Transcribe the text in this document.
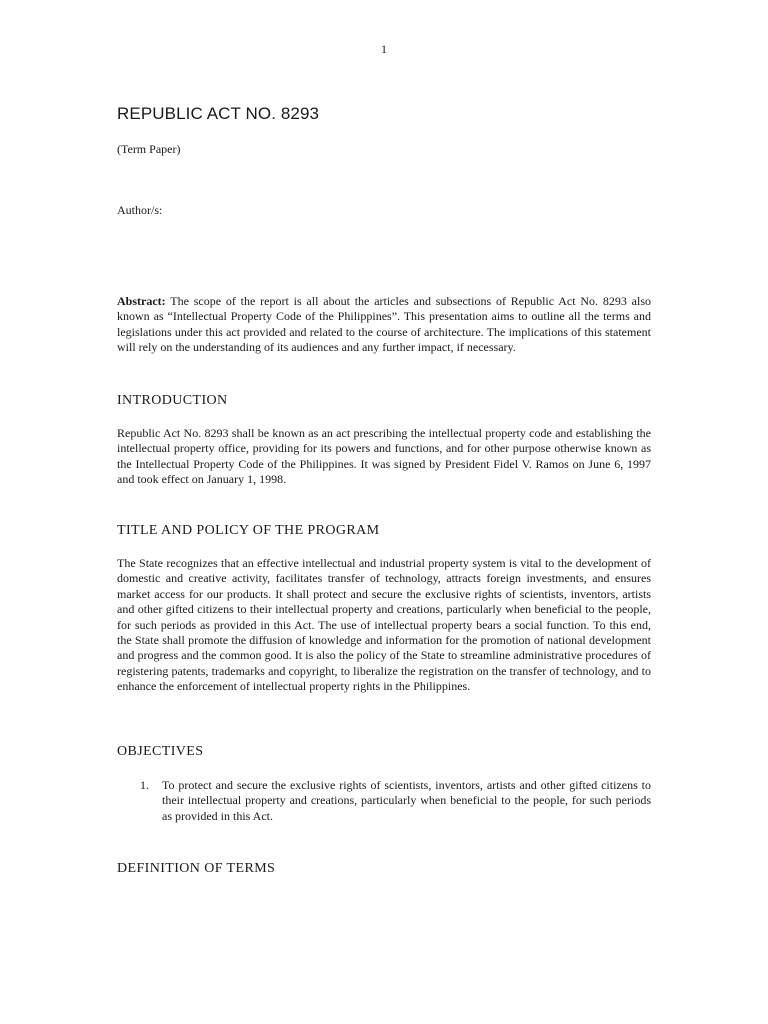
1
REPUBLIC ACT NO. 8293

(Term Paper)

Author/s:

Abstract: The scope of the report is all about the articles and subsections of Republic Act No. 8293 also known as “Intellectual Property Code of the Philippines”. This presentation aims to outline all the terms and legislations under this act provided and related to the course of architecture. The implications of this statement will rely on the understanding of its audiences and any further impact, if necessary.

INTRODUCTION

Republic Act No. 8293 shall be known as an act prescribing the intellectual property code and establishing the intellectual property office, providing for its powers and functions, and for other purpose otherwise known as the Intellectual Property Code of the Philippines. It was signed by President Fidel V. Ramos on June 6, 1997 and took effect on January 1, 1998.

TITLE AND POLICY OF THE PROGRAM

The State recognizes that an effective intellectual and industrial property system is vital to the development of domestic and creative activity, facilitates transfer of technology, attracts foreign investments, and ensures market access for our products. It shall protect and secure the exclusive rights of scientists, inventors, artists and other gifted citizens to their intellectual property and creations, particularly when beneficial to the people, for such periods as provided in this Act. The use of intellectual property bears a social function. To this end, the State shall promote the diffusion of knowledge and information for the promotion of national development and progress and the common good. It is also the policy of the State to streamline administrative procedures of registering patents, trademarks and copyright, to liberalize the registration on the transfer of technology, and to enhance the enforcement of intellectual property rights in the Philippines.

OBJECTIVES
1. To protect and secure the exclusive rights of scientists, inventors, artists and other gifted citizens to their intellectual property and creations, particularly when beneficial to the people, for such periods as provided in this Act.
DEFINITION OF TERMS
